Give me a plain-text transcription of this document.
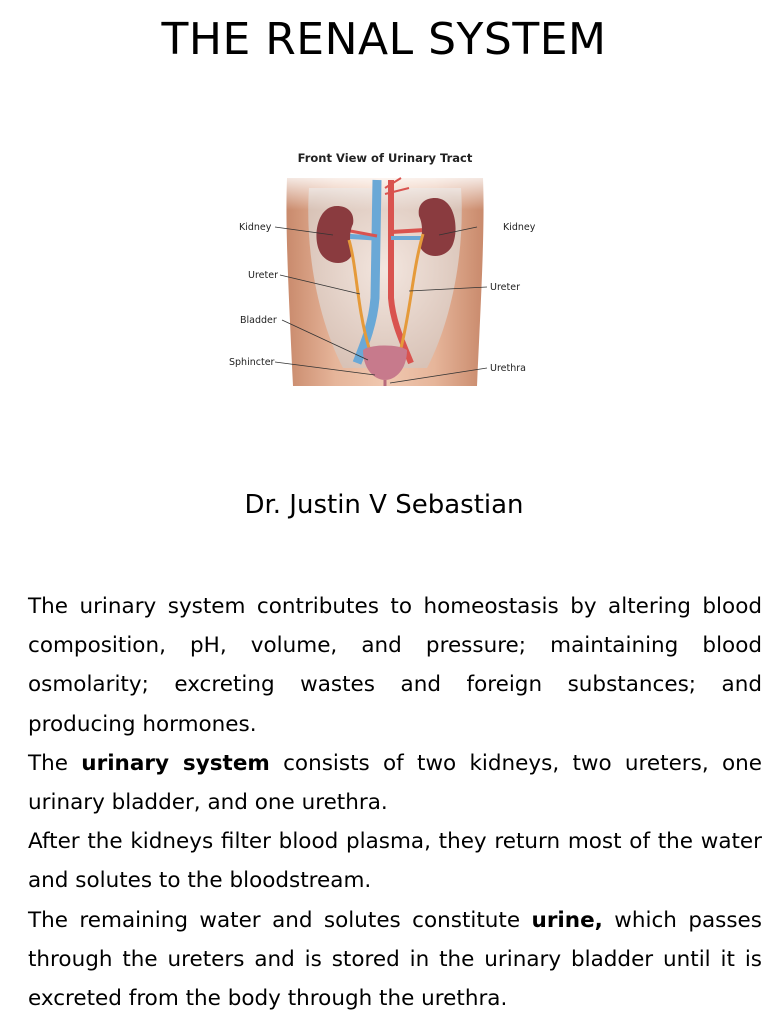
THE RENAL SYSTEM
Front View of Urinary Tract
Kidney	Kidney
Ureter
Ureter
Bladder
Sphincter
Urethra
Dr. Justin V Sebastian

The urinary system contributes to homeostasis by altering blood composition, pH, volume, and pressure; maintaining blood osmolarity; excreting wastes and foreign substances; and producing hormones.

The urinary system consists of two kidneys, two ureters, one urinary bladder, and one urethra.

After the kidneys filter blood plasma, they return most of the water and solutes to the bloodstream.

The remaining water and solutes constitute urine, which passes through the ureters and is stored in the urinary bladder until it is excreted from the body through the urethra.
